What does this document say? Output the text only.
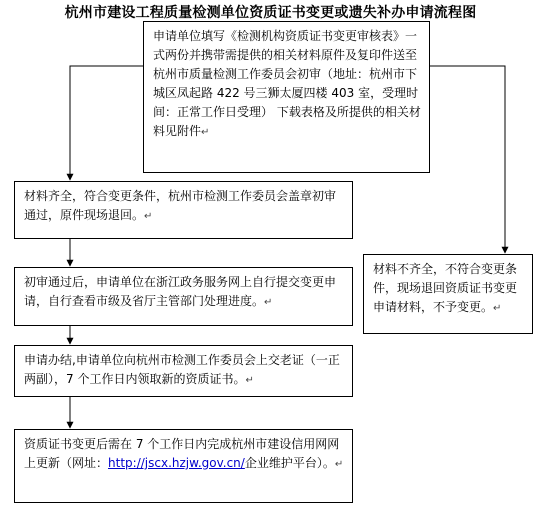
杭州市建设工程质量检测单位资质证书变更或遗失补办申请流程图
申请单位填写《检测机构资质证书变更审核表》一式两份并携带需提供的相关材料原件及复印件送至杭州市质量检测工作委员会初审（地址：杭州市下城区凤起路 422 号三狮太厦四楼 403 室，受理时间：正常工作日受理） 下载表格及所提供的相关材料见附件↵
材料齐全，符合变更条件，杭州市检测工作委员会盖章初审通过，原件现场退回。↵
材料不齐全，不符合变更条件，现场退回资质证书变更申请材料，不予变更。↵
初审通过后，申请单位在浙江政务服务网上自行提交变更申请，自行查看市级及省厅主管部门处理进度。↵
申请办结,申请单位向杭州市检测工作委员会上交老证（一正两副），7 个工作日内领取新的资质证书。↵
资质证书变更后需在 7 个工作日内完成杭州市建设信用网网上更新（网址：http://jscx.hzjw.gov.cn/企业维护平台）。↵
